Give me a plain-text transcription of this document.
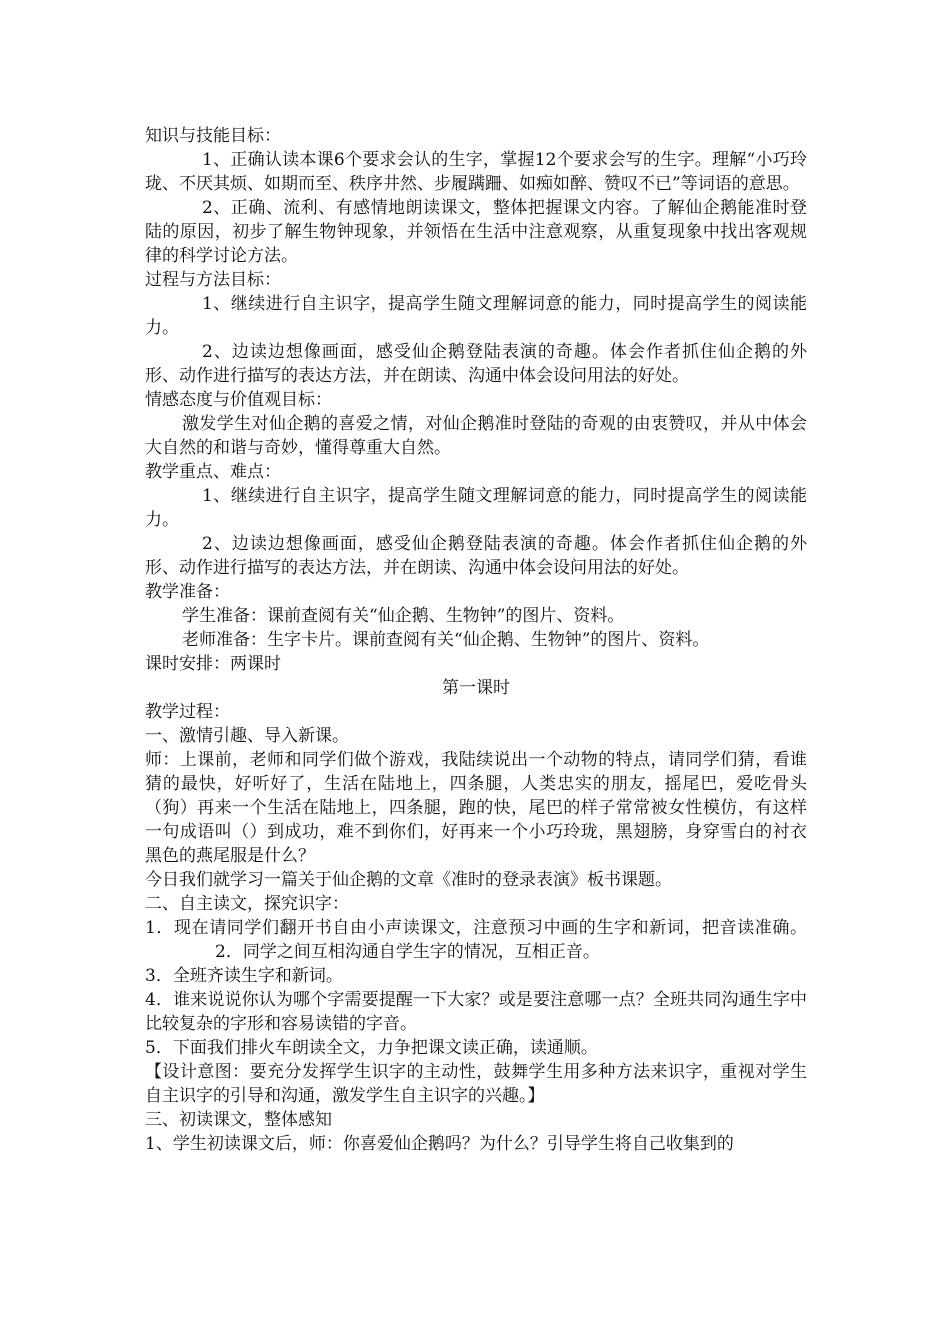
知识与技能目标：

1、正确认读本课6个要求会认的生字，掌握12个要求会写的生字。理解“小巧玲珑、不厌其烦、如期而至、秩序井然、步履蹒跚、如痴如醉、赞叹不已”等词语的意思。

2、正确、流利、有感情地朗读课文，整体把握课文内容。了解仙企鹅能准时登陆的原因，初步了解生物钟现象，并领悟在生活中注意观察，从重复现象中找出客观规律的科学讨论方法。

过程与方法目标：

1、继续进行自主识字，提高学生随文理解词意的能力，同时提高学生的阅读能力。

2、边读边想像画面，感受仙企鹅登陆表演的奇趣。体会作者抓住仙企鹅的外形、动作进行描写的表达方法，并在朗读、沟通中体会设问用法的好处。

情感态度与价值观目标：

激发学生对仙企鹅的喜爱之情，对仙企鹅准时登陆的奇观的由衷赞叹，并从中体会大自然的和谐与奇妙，懂得尊重大自然。

教学重点、难点：

1、继续进行自主识字，提高学生随文理解词意的能力，同时提高学生的阅读能力。

2、边读边想像画面，感受仙企鹅登陆表演的奇趣。体会作者抓住仙企鹅的外形、动作进行描写的表达方法，并在朗读、沟通中体会设问用法的好处。

教学准备：

学生准备：课前查阅有关“仙企鹅、生物钟”的图片、资料。

老师准备：生字卡片。课前查阅有关“仙企鹅、生物钟”的图片、资料。

课时安排：两课时

第一课时

教学过程：

一、激情引趣、导入新课。

师：上课前，老师和同学们做个游戏，我陆续说出一个动物的特点，请同学们猜，看谁猜的最快，好听好了，生活在陆地上，四条腿，人类忠实的朋友，摇尾巴，爱吃骨头（狗）再来一个生活在陆地上，四条腿，跑的快，尾巴的样子常常被女性模仿，有这样一句成语叫（）到成功，难不到你们，好再来一个小巧玲珑，黑翅膀，身穿雪白的衬衣黑色的燕尾服是什么？

今日我们就学习一篇关于仙企鹅的文章《准时的登录表演》板书课题。

二、自主读文，探究识字：

1．现在请同学们翻开书自由小声读课文，注意预习中画的生字和新词，把音读准确。2．同学之间互相沟通自学生字的情况，互相正音。

3．全班齐读生字和新词。

4．谁来说说你认为哪个字需要提醒一下大家？或是要注意哪一点？全班共同沟通生字中比较复杂的字形和容易读错的字音。

5．下面我们排火车朗读全文，力争把课文读正确，读通顺。

【设计意图：要充分发挥学生识字的主动性，鼓舞学生用多种方法来识字，重视对学生自主识字的引导和沟通，激发学生自主识字的兴趣。】

三、初读课文，整体感知

1、学生初读课文后，师：你喜爱仙企鹅吗？为什么？引导学生将自己收集到的
